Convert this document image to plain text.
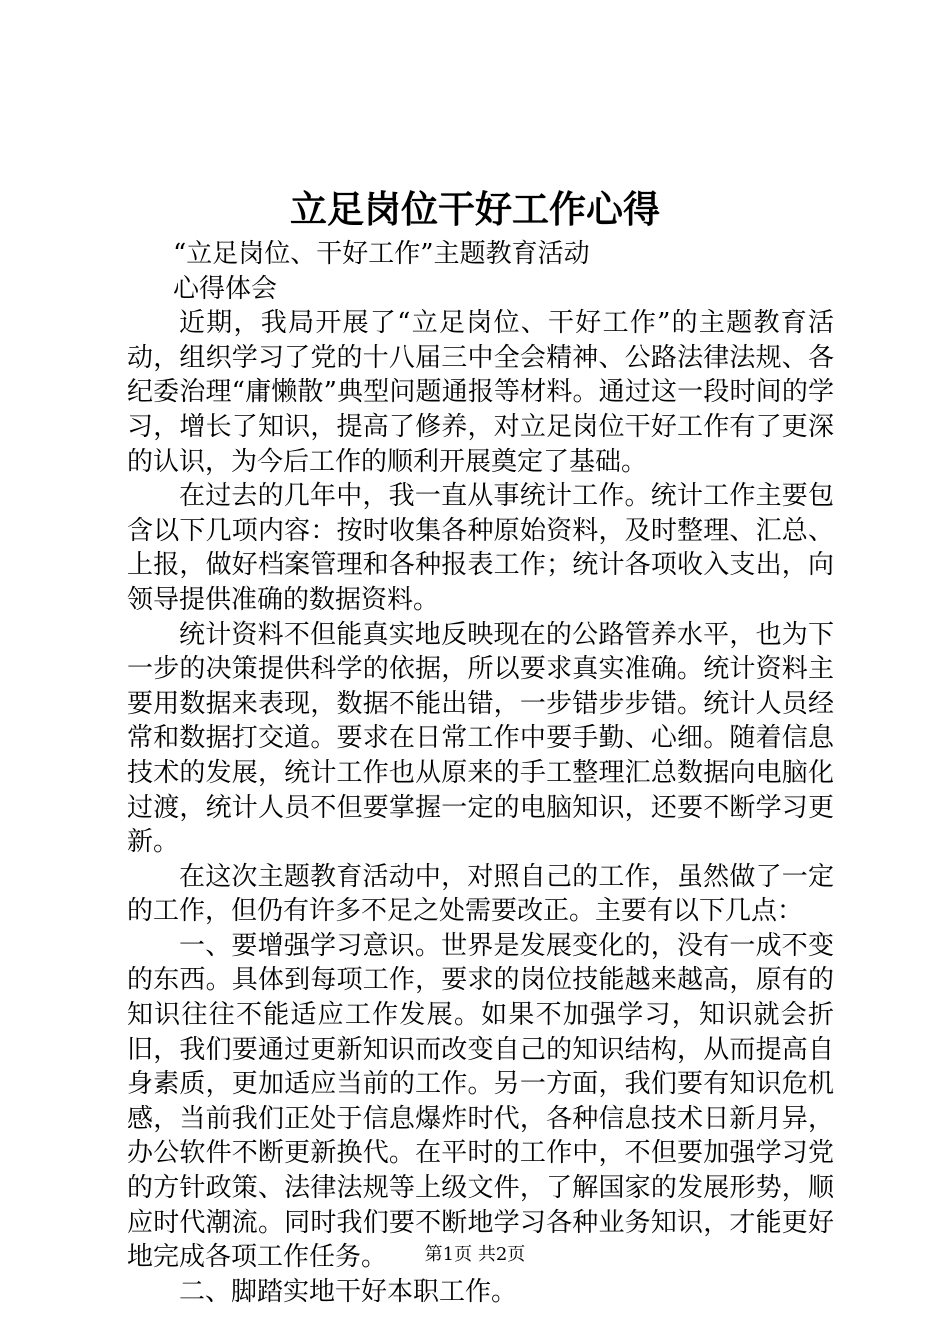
立足岗位干好工作心得

“立足岗位、干好工作”主题教育活动

心得体会

近期，我局开展了“立足岗位、干好工作”的主题教育活动，组织学习了党的十八届三中全会精神、公路法律法规、各纪委治理“庸懒散”典型问题通报等材料。通过这一段时间的学习，增长了知识，提高了修养，对立足岗位干好工作有了更深的认识，为今后工作的顺利开展奠定了基础。

在过去的几年中，我一直从事统计工作。统计工作主要包含以下几项内容：按时收集各种原始资料，及时整理、汇总、上报，做好档案管理和各种报表工作；统计各项收入支出，向领导提供准确的数据资料。

统计资料不但能真实地反映现在的公路管养水平，也为下一步的决策提供科学的依据，所以要求真实准确。统计资料主要用数据来表现，数据不能出错，一步错步步错。统计人员经常和数据打交道。要求在日常工作中要手勤、心细。随着信息技术的发展，统计工作也从原来的手工整理汇总数据向电脑化过渡，统计人员不但要掌握一定的电脑知识，还要不断学习更新。

在这次主题教育活动中，对照自己的工作，虽然做了一定的工作，但仍有许多不足之处需要改正。主要有以下几点：

一、要增强学习意识。世界是发展变化的，没有一成不变的东西。具体到每项工作，要求的岗位技能越来越高，原有的知识往往不能适应工作发展。如果不加强学习，知识就会折旧，我们要通过更新知识而改变自己的知识结构，从而提高自身素质，更加适应当前的工作。另一方面，我们要有知识危机感，当前我们正处于信息爆炸时代，各种信息技术日新月异，办公软件不断更新换代。在平时的工作中，不但要加强学习党的方针政策、法律法规等上级文件，了解国家的发展形势，顺应时代潮流。同时我们要不断地学习各种业务知识，才能更好地完成各项工作任务。

二、脚踏实地干好本职工作。

第1页 共2页
